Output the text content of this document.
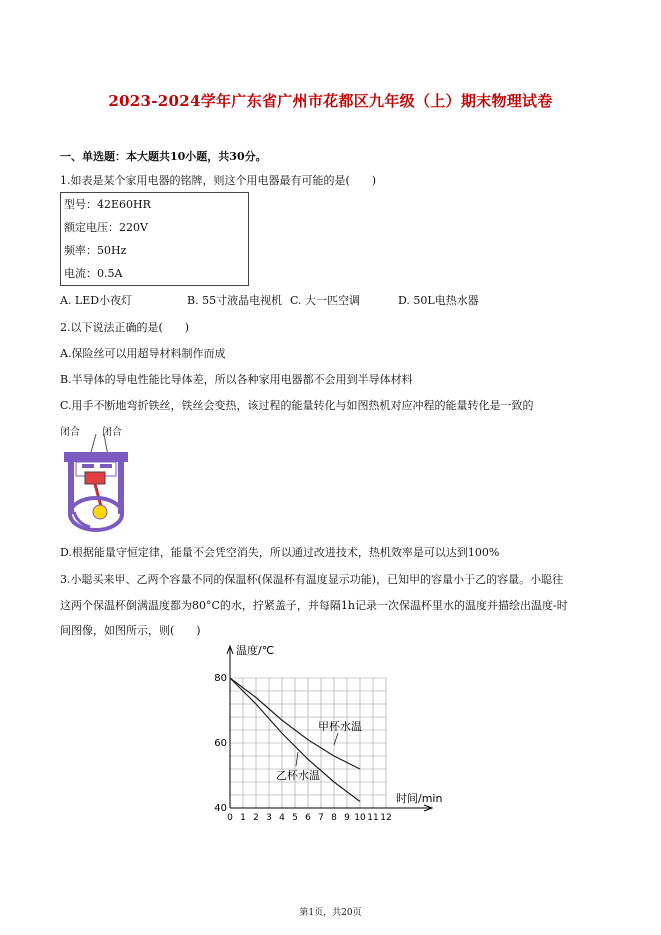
2023-2024学年广东省广州市花都区九年级（上）期末物理试卷
一、单选题：本大题共10小题，共30分。
1.如表是某个家用电器的铭牌，则这个用电器最有可能的是(　　)
型号：42E60HR
额定电压：220V
频率：50Hz
电流：0.5A
A. LED小夜灯	B. 55寸液晶电视机 C. 大一匹空调	D. 50L电热水器
2.以下说法正确的是(　　)
A.保险丝可以用超导材料制作而成
B.半导体的导电性能比导体差，所以各种家用电器都不会用到半导体材料
C.用手不断地弯折铁丝，铁丝会变热，该过程的能量转化与如图热机对应冲程的能量转化是一致的
闭合 闭合
D.根据能量守恒定律，能量不会凭空消失，所以通过改进技术，热机效率是可以达到100%
3.小聪买来甲、乙两个容量不同的保温杯(保温杯有温度显示功能)，已知甲的容量小于乙的容量。小聪往
这两个保温杯倒满温度都为80°C的水，拧紧盖子，并每隔1h记录一次保温杯里水的温度并描绘出温度-时
间图像，如图所示，则(　　)
0 1 2 3 4 5 6 7 8 9 10 11 12
40
60
80
温度/℃
时间/min
甲杯水温
乙杯水温
第1页，共20页
